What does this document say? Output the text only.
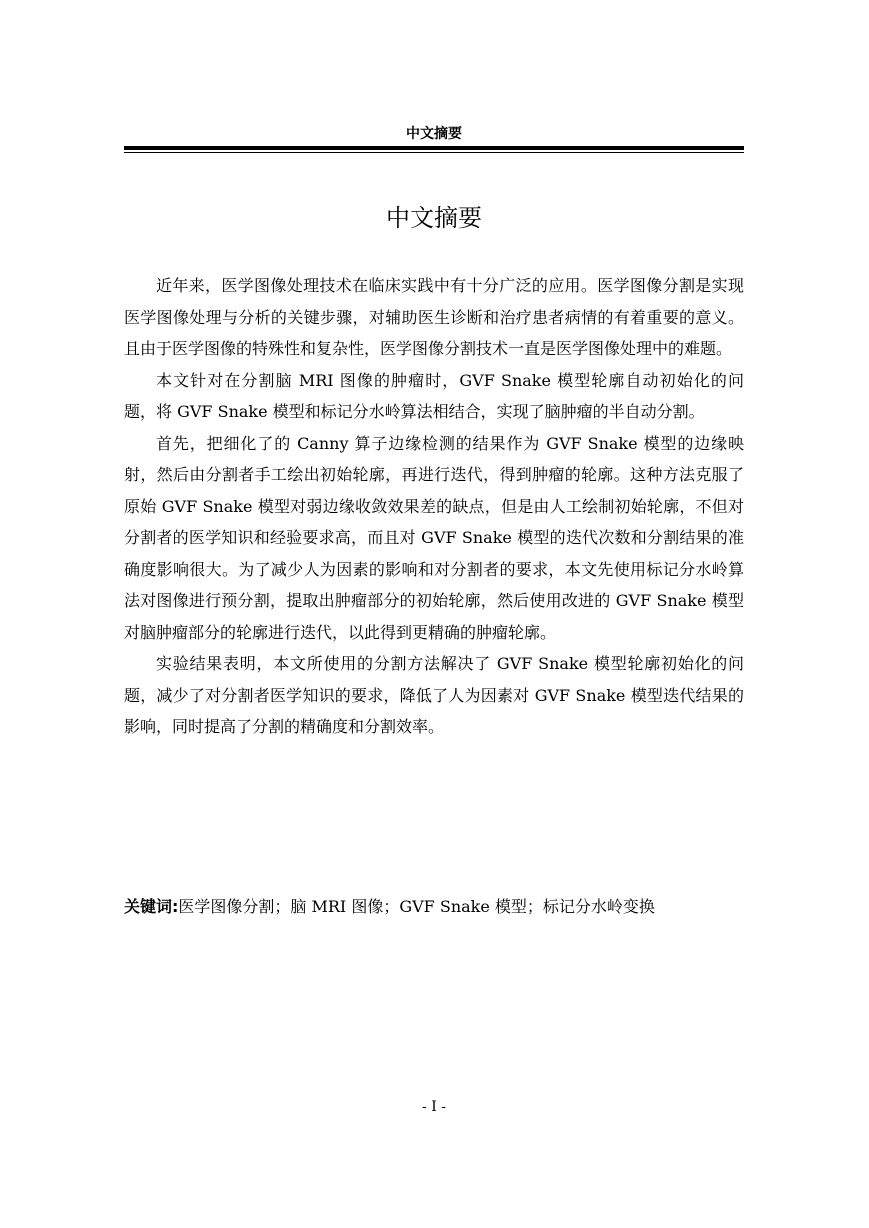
中文摘要
中文摘要

近年来，医学图像处理技术在临床实践中有十分广泛的应用。医学图像分割是实现医学图像处理与分析的关键步骤，对辅助医生诊断和治疗患者病情的有着重要的意义。且由于医学图像的特殊性和复杂性，医学图像分割技术一直是医学图像处理中的难题。

本文针对在分割脑 MRI 图像的肿瘤时，GVF Snake 模型轮廓自动初始化的问题，将 GVF Snake 模型和标记分水岭算法相结合，实现了脑肿瘤的半自动分割。

首先，把细化了的 Canny 算子边缘检测的结果作为 GVF Snake 模型的边缘映射，然后由分割者手工绘出初始轮廓，再进行迭代，得到肿瘤的轮廓。这种方法克服了原始 GVF Snake 模型对弱边缘收敛效果差的缺点，但是由人工绘制初始轮廓，不但对分割者的医学知识和经验要求高，而且对 GVF Snake 模型的迭代次数和分割结果的准确度影响很大。为了减少人为因素的影响和对分割者的要求，本文先使用标记分水岭算法对图像进行预分割，提取出肿瘤部分的初始轮廓，然后使用改进的 GVF Snake 模型对脑肿瘤部分的轮廓进行迭代，以此得到更精确的肿瘤轮廓。

实验结果表明，本文所使用的分割方法解决了 GVF Snake 模型轮廓初始化的问题，减少了对分割者医学知识的要求，降低了人为因素对 GVF Snake 模型迭代结果的影响，同时提高了分割的精确度和分割效率。

关键词:医学图像分割；脑 MRI 图像；GVF Snake 模型；标记分水岭变换
- I -
